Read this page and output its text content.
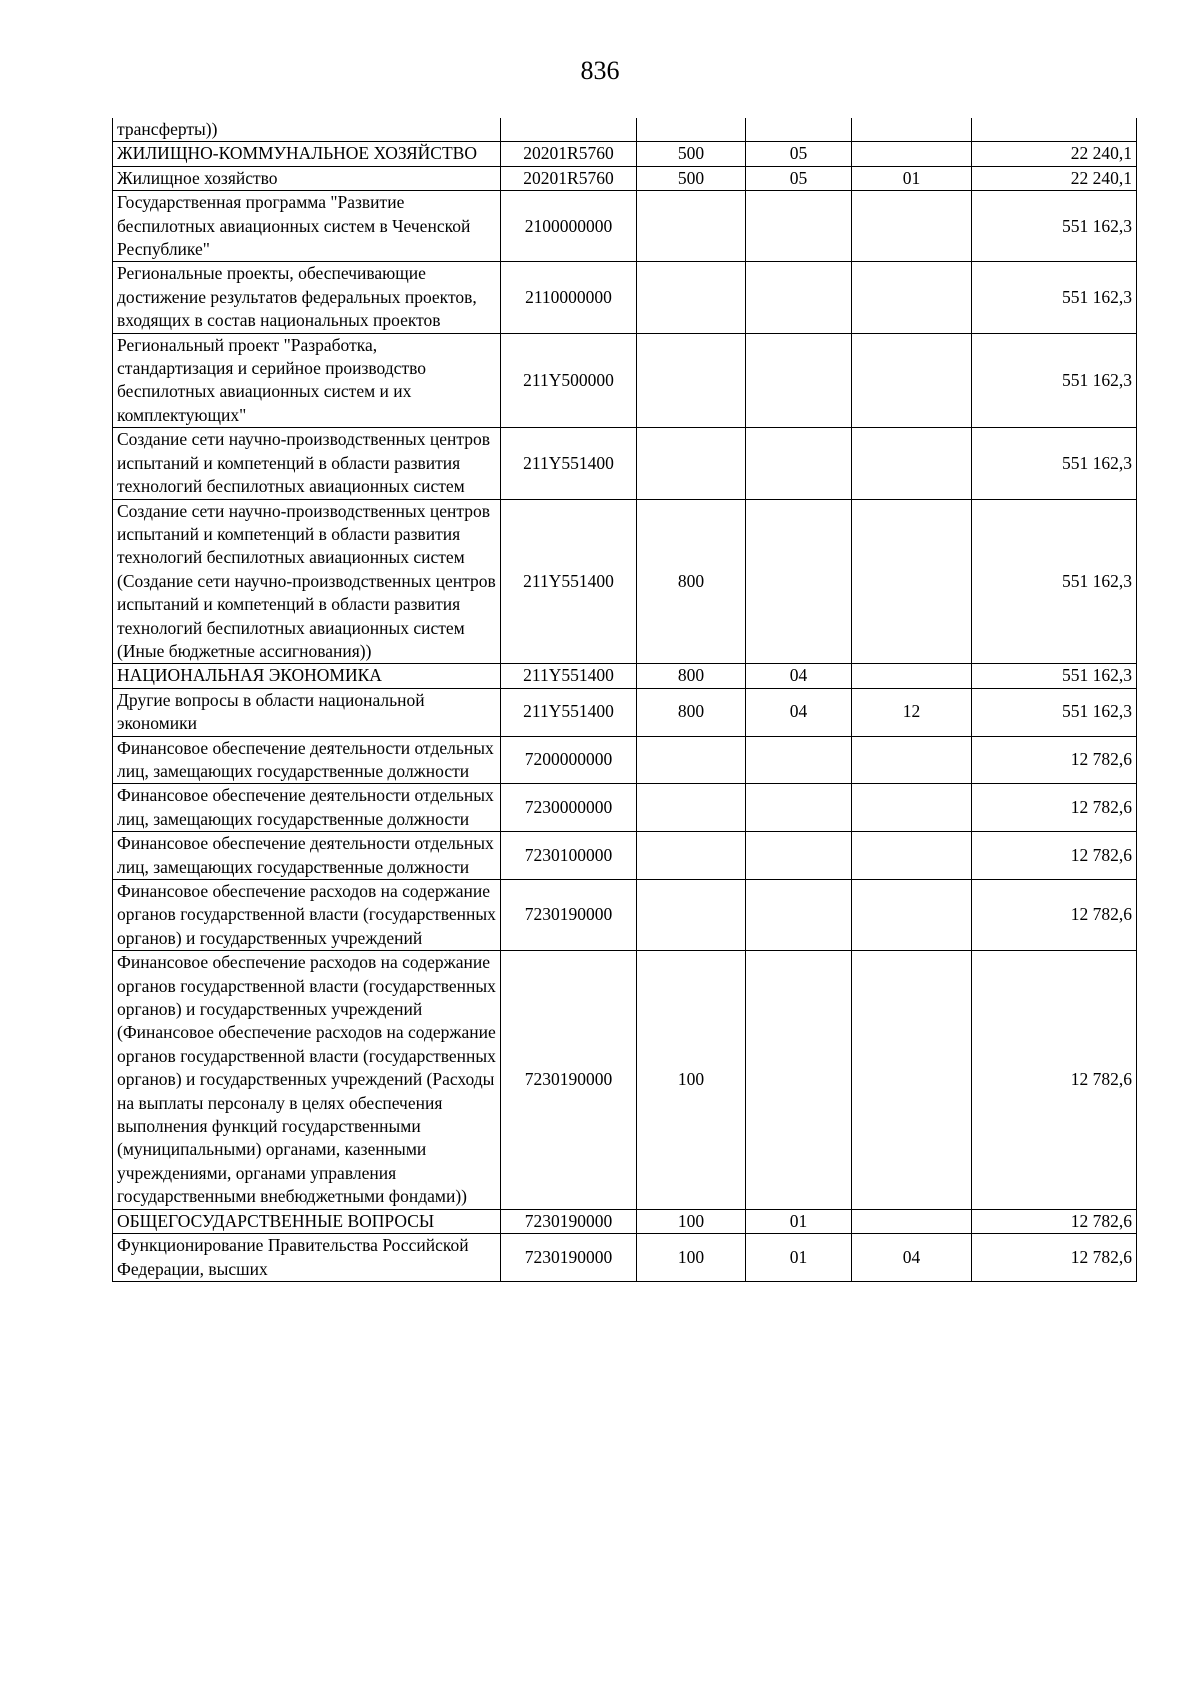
836
трансферты))					
ЖИЛИЩНО-КОММУНАЛЬНОЕ ХОЗЯЙСТВО	20201R5760	500	05		22 240,1
Жилищное хозяйство	20201R5760	500	05	01	22 240,1
Государственная программа "Развитие беспилотных авиационных систем в Чеченской Республике"	2100000000				551 162,3
Региональные проекты, обеспечивающие достижение результатов федеральных проектов, входящих в состав национальных проектов	2110000000				551 162,3
Региональный проект "Разработка, стандартизация и серийное производство беспилотных авиационных систем и их комплектующих"	211Y500000				551 162,3
Создание сети научно-производственных центров испытаний и компетенций в области развития технологий беспилотных авиационных систем	211Y551400				551 162,3
Создание сети научно-производственных центров испытаний и компетенций в области развития технологий беспилотных авиационных систем (Создание сети научно-производственных центров испытаний и компетенций в области развития технологий беспилотных авиационных систем (Иные бюджетные ассигнования))	211Y551400	800			551 162,3
НАЦИОНАЛЬНАЯ ЭКОНОМИКА	211Y551400	800	04		551 162,3
Другие вопросы в области национальной экономики	211Y551400	800	04	12	551 162,3
Финансовое обеспечение деятельности отдельных лиц, замещающих государственные должности	7200000000				12 782,6
Финансовое обеспечение деятельности отдельных лиц, замещающих государственные должности	7230000000				12 782,6
Финансовое обеспечение деятельности отдельных лиц, замещающих государственные должности	7230100000				12 782,6
Финансовое обеспечение расходов на содержание органов государственной власти (государственных органов) и государственных учреждений	7230190000				12 782,6
Финансовое обеспечение расходов на содержание органов государственной власти (государственных органов) и государственных учреждений (Финансовое обеспечение расходов на содержание органов государственной власти (государственных органов) и государственных учреждений (Расходы на выплаты персоналу в целях обеспечения выполнения функций государственными (муниципальными) органами, казенными учреждениями, органами управления государственными внебюджетными фондами))	7230190000	100			12 782,6
ОБЩЕГОСУДАРСТВЕННЫЕ ВОПРОСЫ	7230190000	100	01		12 782,6
Функционирование Правительства Российской Федерации, высших	7230190000	100	01	04	12 782,6
